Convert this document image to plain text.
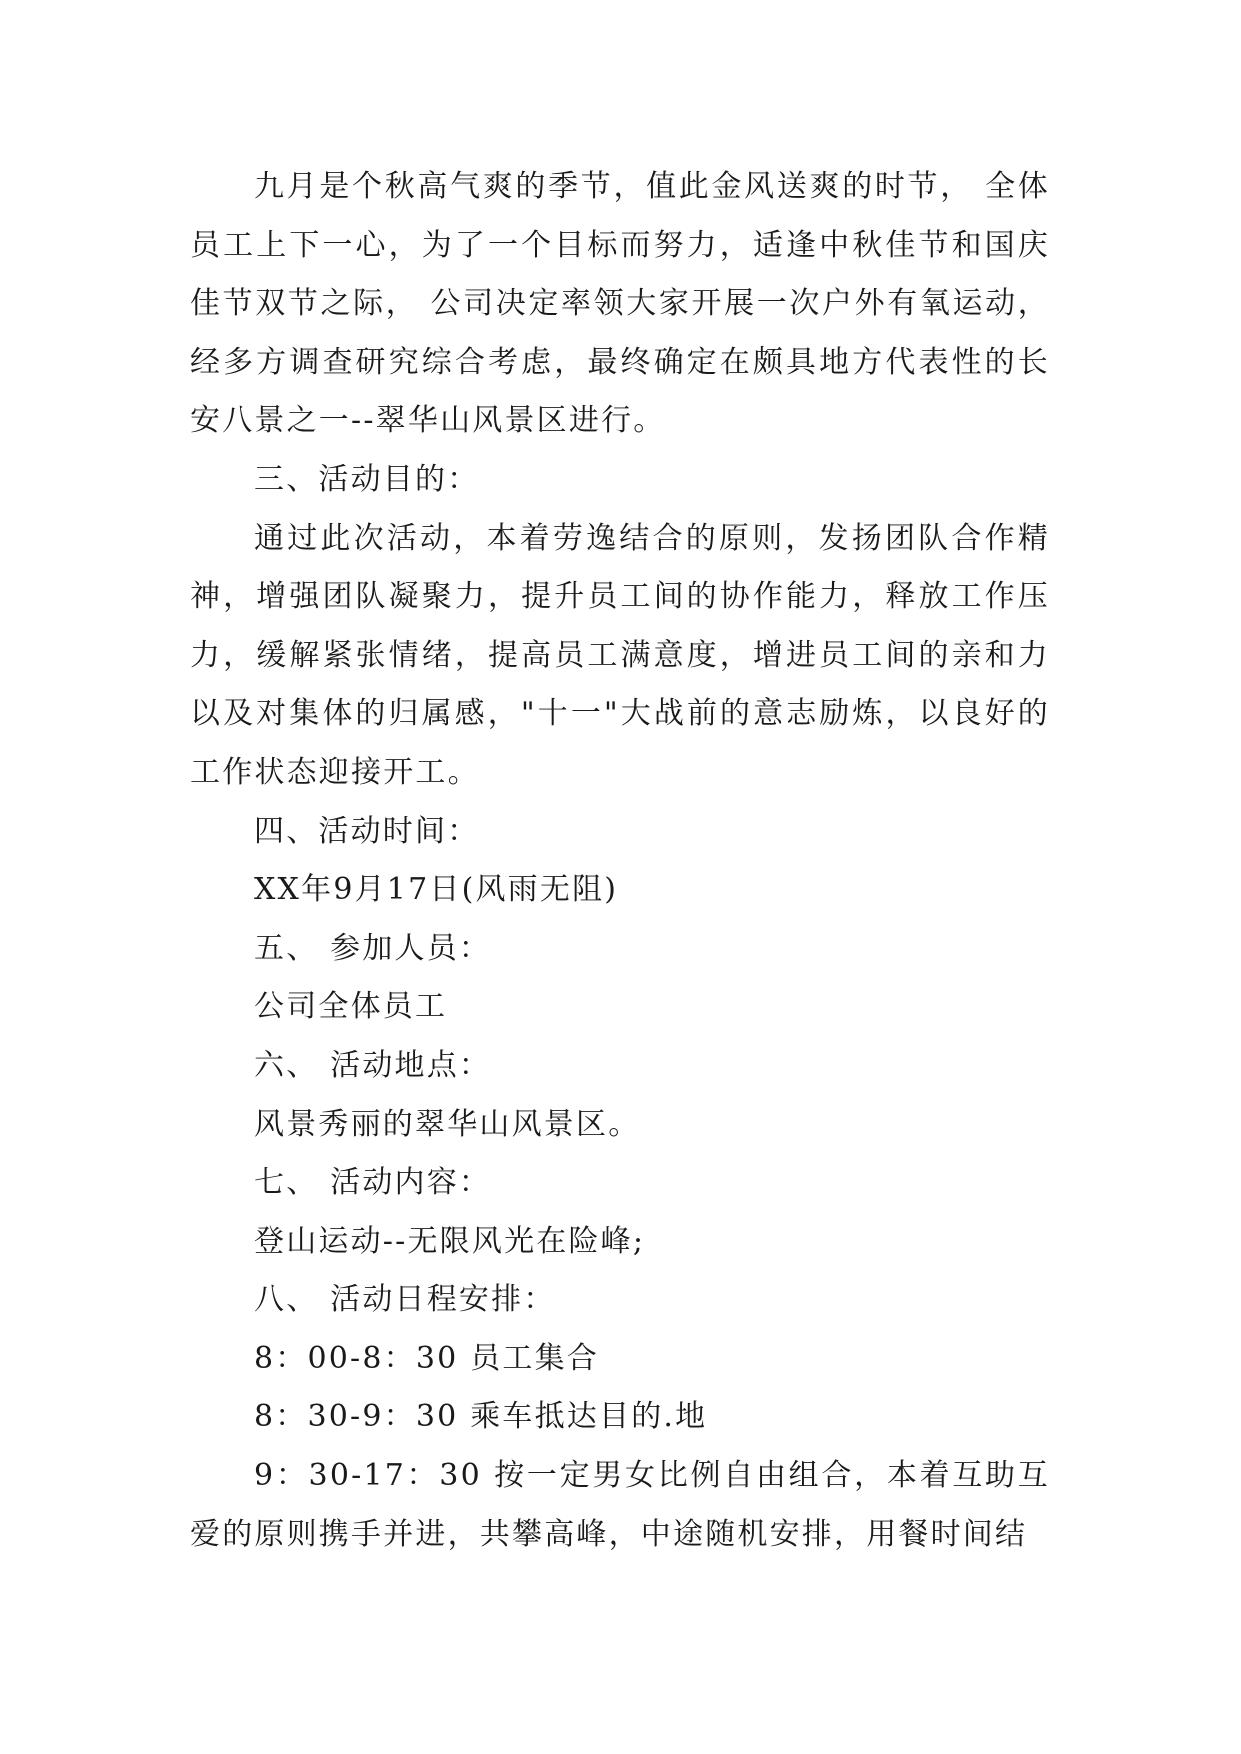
九月是个秋高气爽的季节，值此金风送爽的时节， 全体员工上下一心，为了一个目标而努力，适逢中秋佳节和国庆佳节双节之际， 公司决定率领大家开展一次户外有氧运动，经多方调查研究综合考虑，最终确定在颇具地方代表性的长安八景之一--翠华山风景区进行。

三、活动目的：

通过此次活动，本着劳逸结合的原则，发扬团队合作精神，增强团队凝聚力，提升员工间的协作能力，释放工作压力，缓解紧张情绪，提高员工满意度，增进员工间的亲和力以及对集体的归属感，"十一"大战前的意志励炼，以良好的工作状态迎接开工。

四、活动时间：

XX年9月17日(风雨无阻)

五、 参加人员：

公司全体员工

六、 活动地点：

风景秀丽的翠华山风景区。

七、 活动内容：

登山运动--无限风光在险峰;

八、 活动日程安排：

8：00-8：30 员工集合

8：30-9：30 乘车抵达目的.地

9：30-17：30 按一定男女比例自由组合，本着互助互爱的原则携手并进，共攀高峰，中途随机安排，用餐时间结
